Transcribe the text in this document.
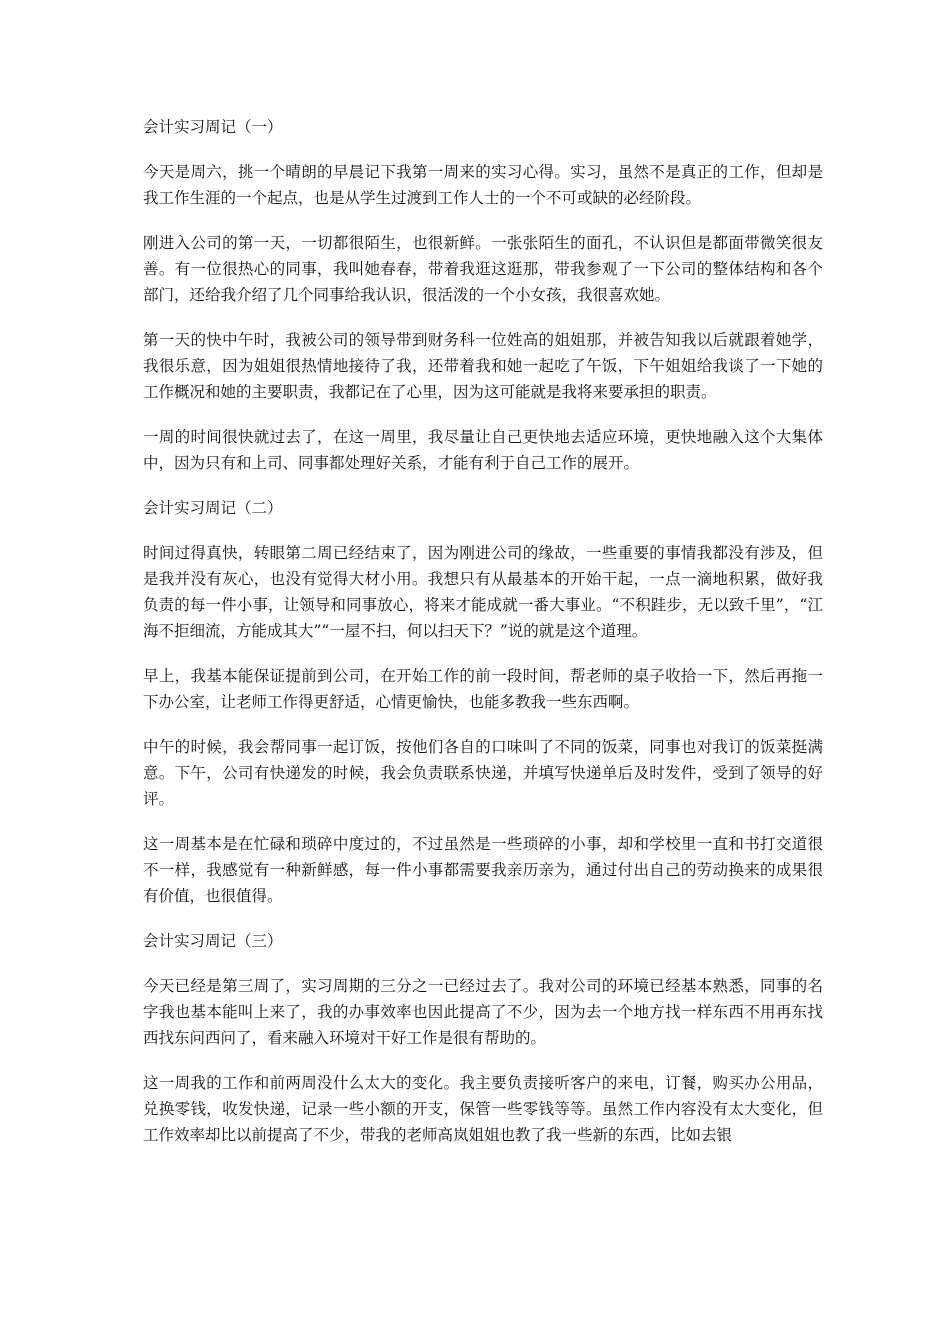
会计实习周记（一）
今天是周六，挑一个晴朗的早晨记下我第一周来的实习心得。实习，虽然不是真正的工作，但却是我工作生涯的一个起点，也是从学生过渡到工作人士的一个不可或缺的必经阶段。
刚进入公司的第一天，一切都很陌生，也很新鲜。一张张陌生的面孔，不认识但是都面带微笑很友善。有一位很热心的同事，我叫她春春，带着我逛这逛那，带我参观了一下公司的整体结构和各个部门，还给我介绍了几个同事给我认识，很活泼的一个小女孩，我很喜欢她。
第一天的快中午时，我被公司的领导带到财务科一位姓高的姐姐那，并被告知我以后就跟着她学，我很乐意，因为姐姐很热情地接待了我，还带着我和她一起吃了午饭，下午姐姐给我谈了一下她的工作概况和她的主要职责，我都记在了心里，因为这可能就是我将来要承担的职责。
一周的时间很快就过去了，在这一周里，我尽量让自己更快地去适应环境，更快地融入这个大集体中，因为只有和上司、同事都处理好关系，才能有利于自己工作的展开。
会计实习周记（二）
时间过得真快，转眼第二周已经结束了，因为刚进公司的缘故，一些重要的事情我都没有涉及，但是我并没有灰心，也没有觉得大材小用。我想只有从最基本的开始干起，一点一滴地积累，做好我负责的每一件小事，让领导和同事放心，将来才能成就一番大事业。“不积跬步，无以致千里”，“江海不拒细流，方能成其大”“一屋不扫，何以扫天下？”说的就是这个道理。
早上，我基本能保证提前到公司，在开始工作的前一段时间，帮老师的桌子收拾一下，然后再拖一下办公室，让老师工作得更舒适，心情更愉快，也能多教我一些东西啊。
中午的时候，我会帮同事一起订饭，按他们各自的口味叫了不同的饭菜，同事也对我订的饭菜挺满意。下午，公司有快递发的时候，我会负责联系快递，并填写快递单后及时发件，受到了领导的好评。
这一周基本是在忙碌和琐碎中度过的，不过虽然是一些琐碎的小事，却和学校里一直和书打交道很不一样，我感觉有一种新鲜感，每一件小事都需要我亲历亲为，通过付出自己的劳动换来的成果很有价值，也很值得。
会计实习周记（三）
今天已经是第三周了，实习周期的三分之一已经过去了。我对公司的环境已经基本熟悉，同事的名字我也基本能叫上来了，我的办事效率也因此提高了不少，因为去一个地方找一样东西不用再东找西找东问西问了，看来融入环境对干好工作是很有帮助的。
这一周我的工作和前两周没什么太大的变化。我主要负责接听客户的来电，订餐，购买办公用品，兑换零钱，收发快递，记录一些小额的开支，保管一些零钱等等。虽然工作内容没有太大变化，但工作效率却比以前提高了不少，带我的老师高岚姐姐也教了我一些新的东西，比如去银
